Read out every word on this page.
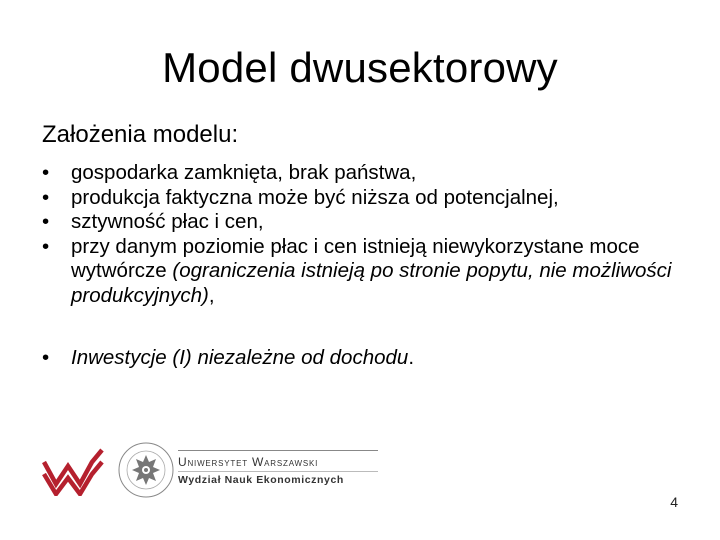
Model dwusektorowy
Założenia modelu:
•	gospodarka zamknięta, brak państwa,
•	produkcja faktyczna może być niższa od potencjalnej,
•	sztywność płac i cen,
•	przy danym poziomie płac i cen istnieją niewykorzystane moce wytwórcze (ograniczenia istnieją po stronie popytu, nie możliwości produkcyjnych),
•	Inwestycje (I) niezależne od dochodu.
Uniwersytet Warszawski
Wydział Nauk Ekonomicznych
4
